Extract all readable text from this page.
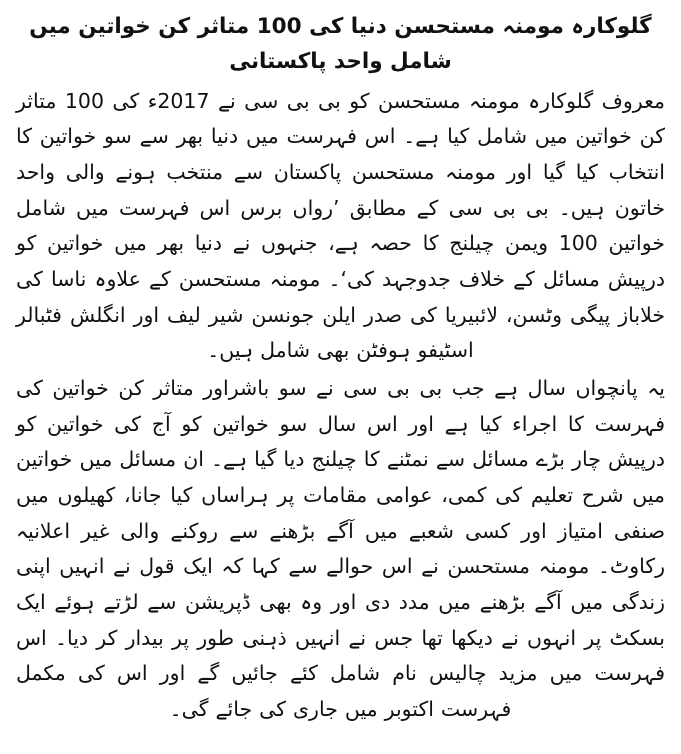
گلوکارہ مومنہ مستحسن دنیا کی 100 متاثر کن خواتین میں شامل واحد پاکستانی

معروف گلوکارہ مومنہ مستحسن کو بی بی سی نے 2017ء کی 100 متاثر کن خواتین میں شامل کیا ہے۔ اس فہرست میں دنیا بھر سے سو خواتین کا انتخاب کیا گیا اور مومنہ مستحسن پاکستان سے منتخب ہونے والی واحد خاتون ہیں۔ بی بی سی کے مطابق ’رواں برس اس فہرست میں شامل خواتین 100 ویمن چیلنج کا حصہ ہے، جنہوں نے دنیا بھر میں خواتین کو درپیش مسائل کے خلاف جدوجہد کی‘۔ مومنہ مستحسن کے علاوہ ناسا کی خلاباز پیگی وٹسن، لائبیریا کی صدر ایلن جونسن شیر لیف اور انگلش فٹبالر اسٹیفو ہوفٹن بھی شامل ہیں۔

یہ پانچواں سال ہے جب بی بی سی نے سو باشراور متاثر کن خواتین کی فہرست کا اجراء کیا ہے اور اس سال سو خواتین کو آج کی خواتین کو درپیش چار بڑے مسائل سے نمٹنے کا چیلنج دیا گیا ہے۔ ان مسائل میں خواتین میں شرح تعلیم کی کمی، عوامی مقامات پر ہراساں کیا جانا، کھیلوں میں صنفی امتیاز اور کسی شعبے میں آگے بڑھنے سے روکنے والی غیر اعلانیہ رکاوٹ۔ مومنہ مستحسن نے اس حوالے سے کہا کہ ایک قول نے انہیں اپنی زندگی میں آگے بڑھنے میں مدد دی اور وہ بھی ڈپریشن سے لڑتے ہوئے ایک بسکٹ پر انہوں نے دیکھا تھا جس نے انہیں ذہنی طور پر بیدار کر دیا۔ اس فہرست میں مزید چالیس نام شامل کئے جائیں گے اور اس کی مکمل فہرست اکتوبر میں جاری کی جائے گی۔
